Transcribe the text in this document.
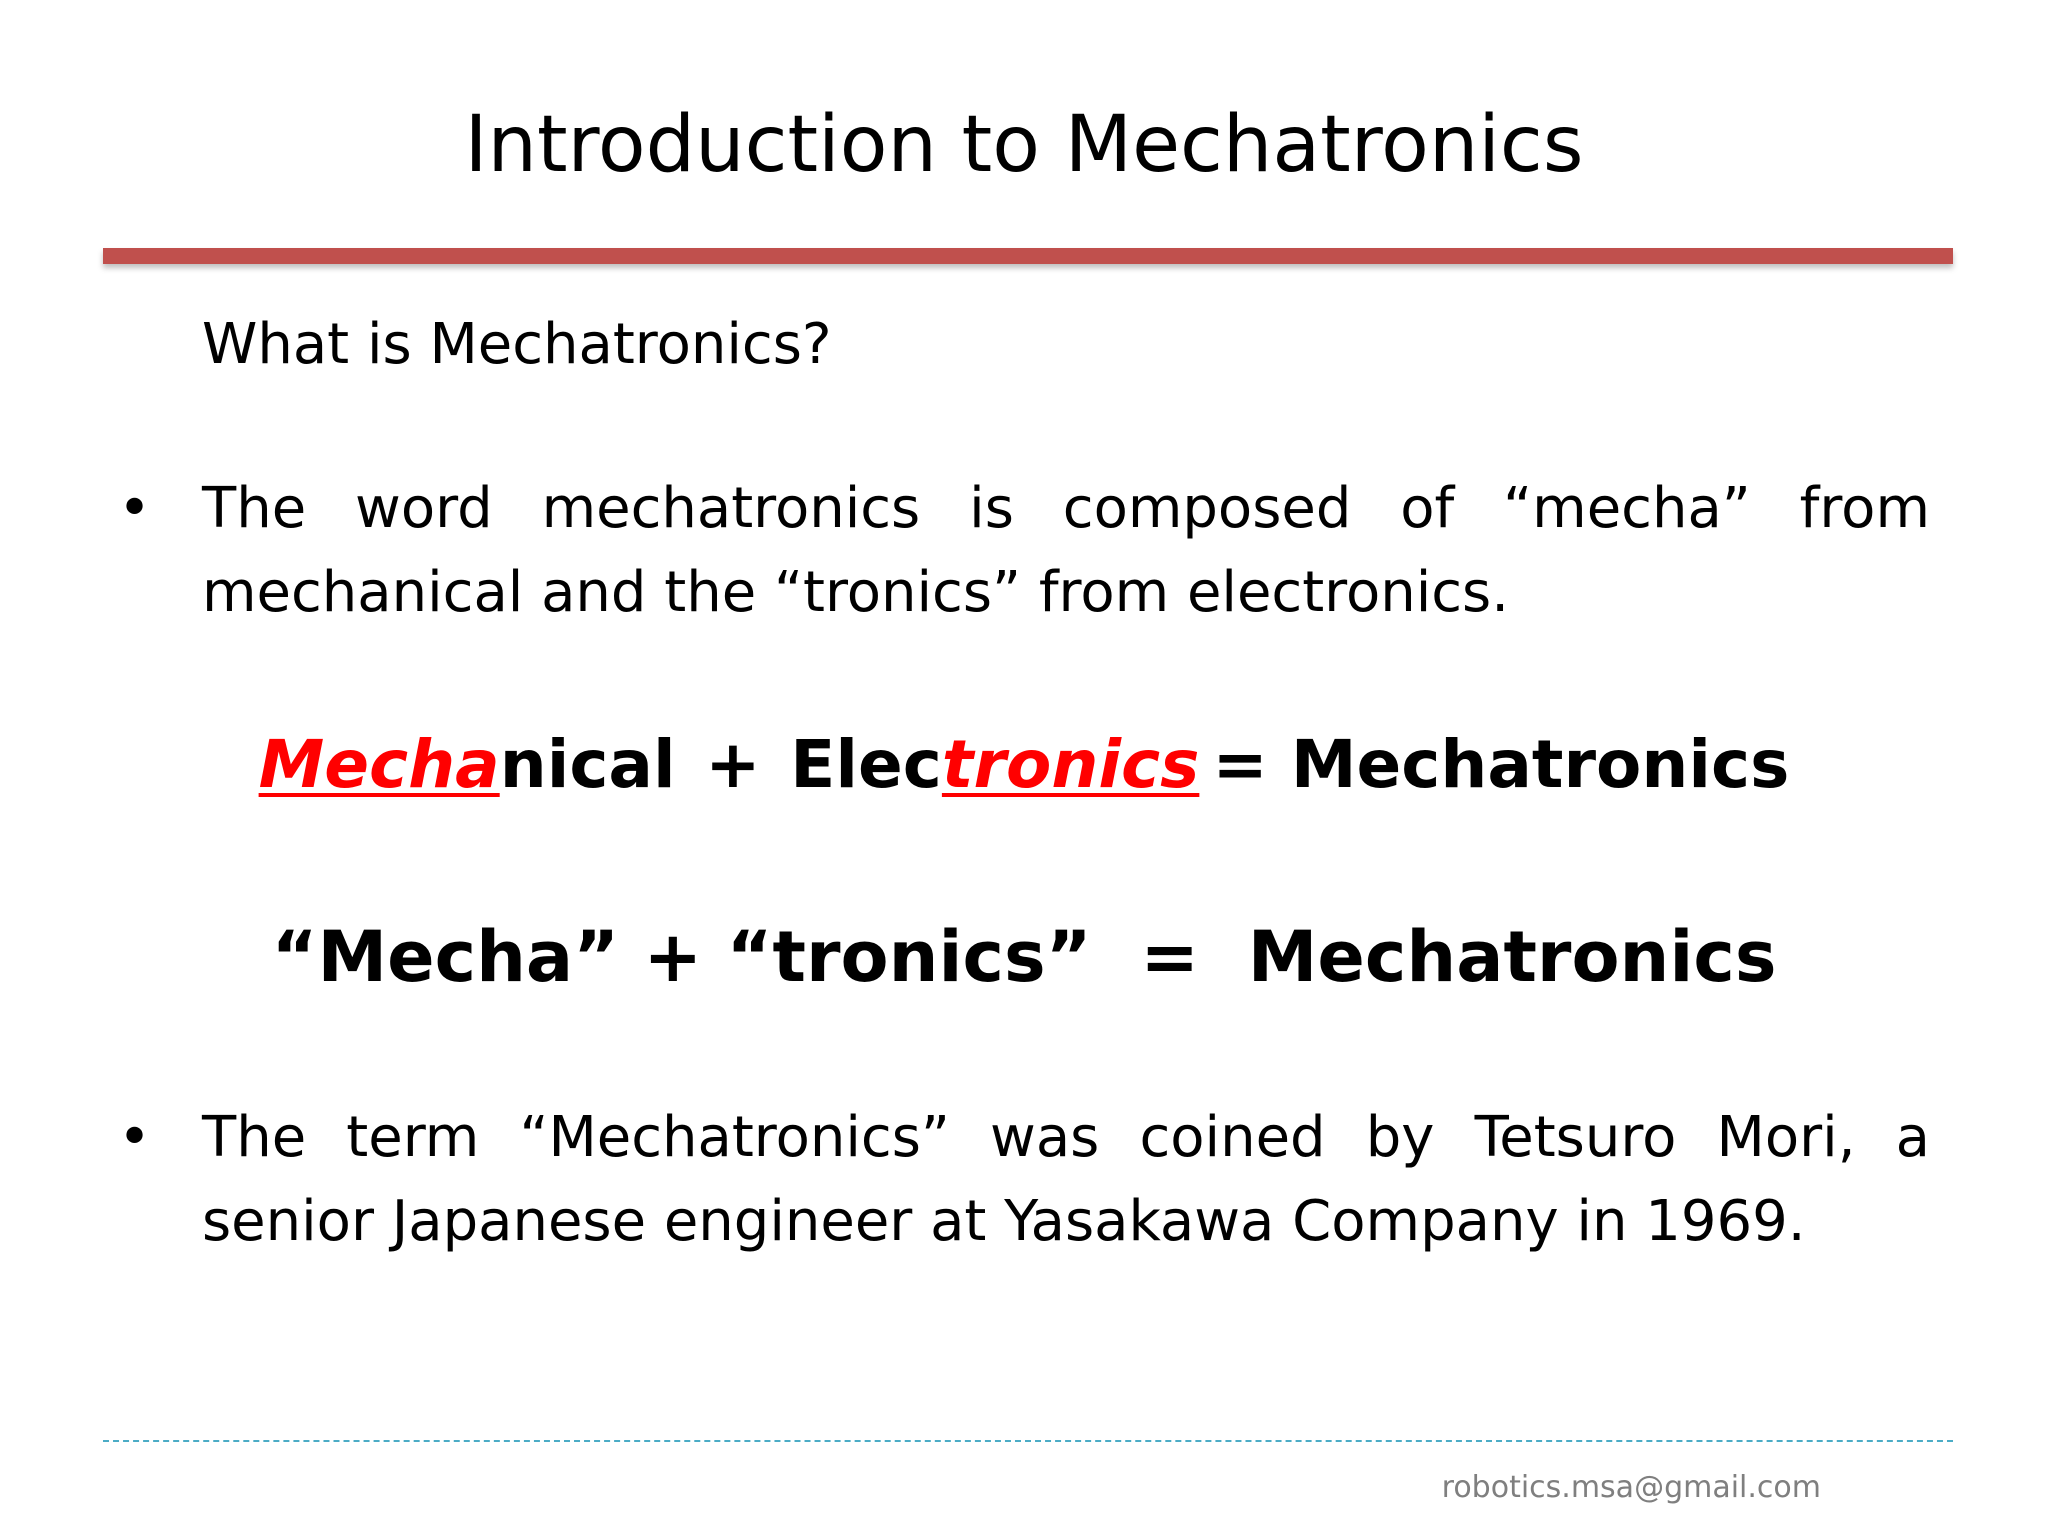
Introduction to Mechatronics
What is Mechatronics?
• The word mechatronics is composed of “mecha” from mechanical and the “tronics” from electronics.
Mechanical + Electronics = Mechatronics
“Mecha” + “tronics”  =  Mechatronics
• The term “Mechatronics” was coined by Tetsuro Mori, a senior Japanese engineer at Yasakawa Company in 1969.
robotics.msa@gmail.com
